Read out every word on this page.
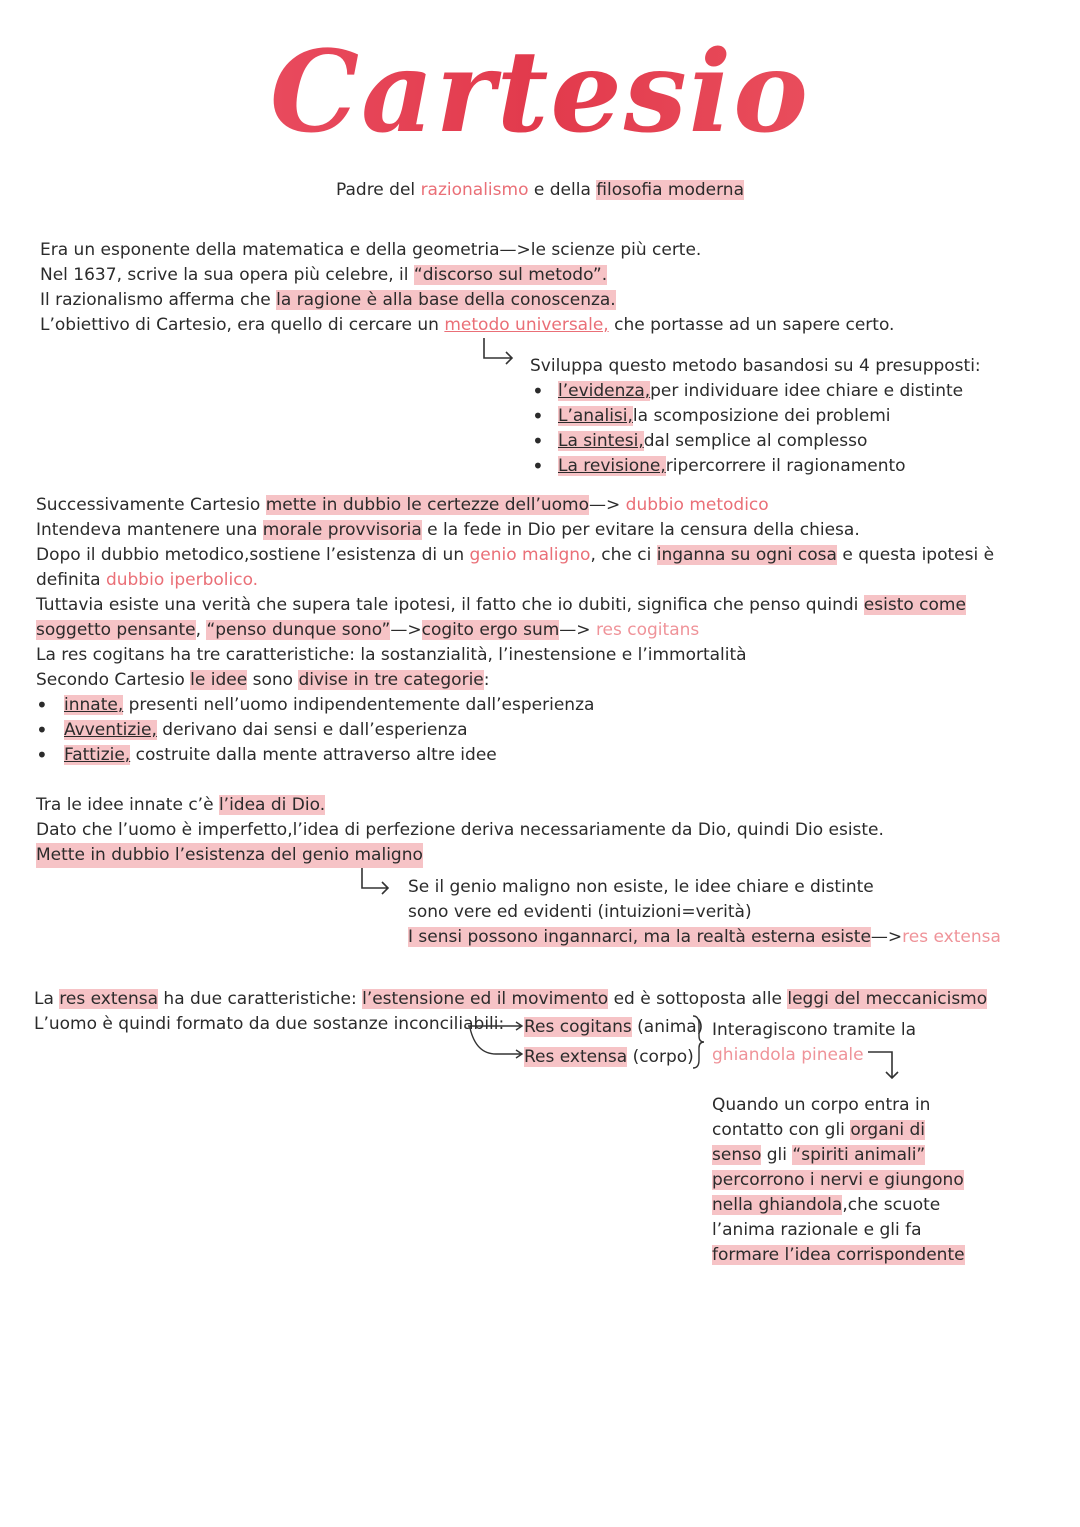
Cartesio
Padre del razionalismo e della filosofia moderna
Era un esponente della matematica e della geometria—>le scienze più certe.
Nel 1637, scrive la sua opera più celebre, il “discorso sul metodo”.
Il razionalismo afferma che la ragione è alla base della conoscenza.
L’obiettivo di Cartesio, era quello di cercare un metodo universale, che portasse ad un sapere certo.
Sviluppa questo metodo basandosi su 4 presupposti:
• l’evidenza,per individuare idee chiare e distinte
• L’analisi,la scomposizione dei problemi
• La sintesi,dal semplice al complesso
• La revisione,ripercorrere il ragionamento
Successivamente Cartesio mette in dubbio le certezze dell’uomo—> dubbio metodico
Intendeva mantenere una morale provvisoria e la fede in Dio per evitare la censura della chiesa.
Dopo il dubbio metodico,sostiene l’esistenza di un genio maligno, che ci inganna su ogni cosa e questa ipotesi è
definita dubbio iperbolico.
Tuttavia esiste una verità che supera tale ipotesi, il fatto che io dubiti, significa che penso quindi esisto come
soggetto pensante, “penso dunque sono”—>cogito ergo sum—> res cogitans
La res cogitans ha tre caratteristiche: la sostanzialità, l’inestensione e l’immortalità
Secondo Cartesio le idee sono divise in tre categorie:
• innate, presenti nell’uomo indipendentemente dall’esperienza
• Avventizie, derivano dai sensi e dall’esperienza
• Fattizie, costruite dalla mente attraverso altre idee
Tra le idee innate c’è l’idea di Dio.
Dato che l’uomo è imperfetto,l’idea di perfezione deriva necessariamente da Dio, quindi Dio esiste.
Mette in dubbio l’esistenza del genio maligno
Se il genio maligno non esiste, le idee chiare e distinte
sono vere ed evidenti (intuizioni=verità)
I sensi possono ingannarci, ma la realtà esterna esiste—>res extensa
La res extensa ha due caratteristiche: l’estensione ed il movimento ed è sottoposta alle leggi del meccanicismo
L’uomo è quindi formato da due sostanze inconciliabili: Res cogitans (anima)
Res extensa (corpo)
Interagiscono tramite la
ghiandola pineale
Quando un corpo entra in
contatto con gli organi di
senso gli “spiriti animali”
percorrono i nervi e giungono
nella ghiandola,che scuote
l’anima razionale e gli fa
formare l’idea corrispondente
